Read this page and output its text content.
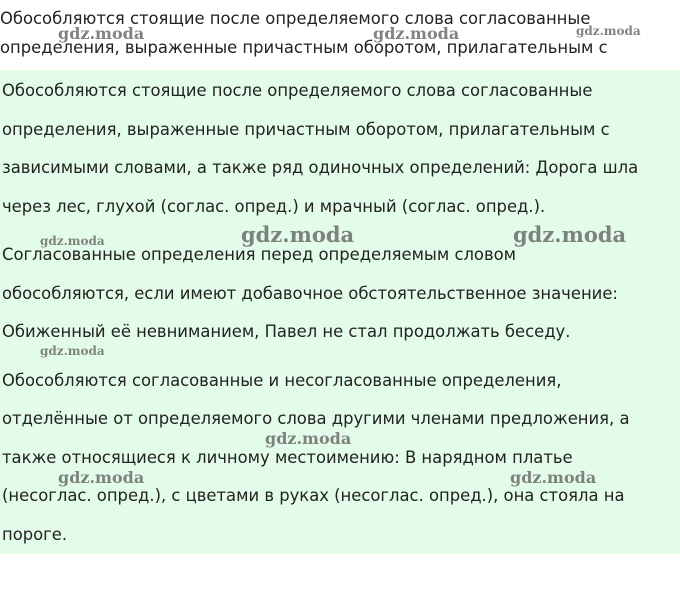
Обособляются стоящие после определяемого слова согласованные

определения, выраженные причастным оборотом, прилагательным с

Обособляются стоящие после определяемого слова согласованные

определения, выраженные причастным оборотом, прилагательным с

зависимыми словами, а также ряд одиночных определений: Дорога шла

через лес, глухой (соглас. опред.) и мрачный (соглас. опред.).

Согласованные определения перед определяемым словом

обособляются, если имеют добавочное обстоятельственное значение:

Обиженный её невниманием, Павел не стал продолжать беседу.

Обособляются согласованные и несогласованные определения,

отделённые от определяемого слова другими членами предложения, а

также относящиеся к личному местоимению: В нарядном платье

(несоглас. опред.), с цветами в руках (несоглас. опред.), она стояла на

пороге.

gdz.moda	gdz.moda	gdz.moda
gdz.moda	gdz.moda	gdz.moda
gdz.moda
gdz.moda
gdz.moda	gdz.moda
